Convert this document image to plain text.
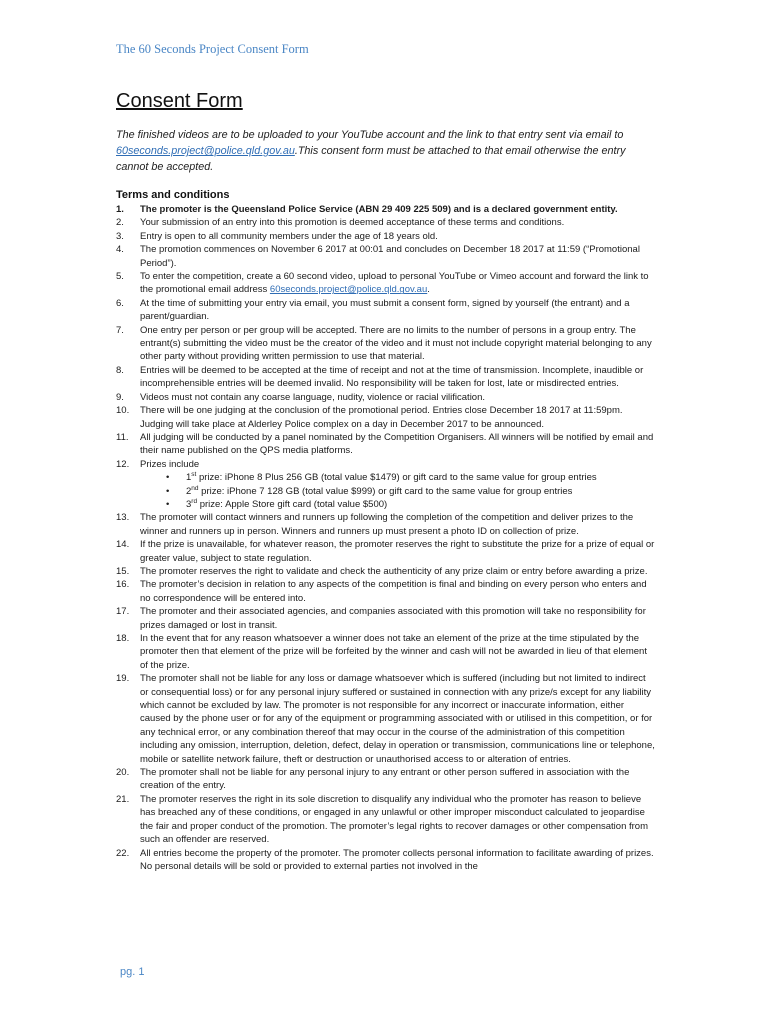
The 60 Seconds Project Consent Form
Consent Form
The finished videos are to be uploaded to your YouTube account and the link to that entry sent via email to 60seconds.project@police.qld.gov.au.This consent form must be attached to that email otherwise the entry cannot be accepted.
Terms and conditions
1.	The promoter is the Queensland Police Service (ABN 29 409 225 509) and is a declared government entity.
2.	Your submission of an entry into this promotion is deemed acceptance of these terms and conditions.
3.	Entry is open to all community members under the age of 18 years old.
4.	The promotion commences on November 6 2017 at 00:01 and concludes on December 18 2017 at 11:59 (“Promotional Period”).
5.	To enter the competition, create a 60 second video, upload to personal YouTube or Vimeo account and forward the link to the promotional email address 60seconds.project@police.qld.gov.au.
6.	At the time of submitting your entry via email, you must submit a consent form, signed by yourself (the entrant) and a parent/guardian.
7.	One entry per person or per group will be accepted. There are no limits to the number of persons in a group entry. The entrant(s) submitting the video must be the creator of the video and it must not include copyright material belonging to any other party without providing written permission to use that material.
8.	Entries will be deemed to be accepted at the time of receipt and not at the time of transmission. Incomplete, inaudible or incomprehensible entries will be deemed invalid. No responsibility will be taken for lost, late or misdirected entries.
9.	Videos must not contain any coarse language, nudity, violence or racial vilification.
10.	There will be one judging at the conclusion of the promotional period. Entries close December 18 2017 at 11:59pm. Judging will take place at Alderley Police complex on a day in December 2017 to be announced.
11.	All judging will be conducted by a panel nominated by the Competition Organisers. All winners will be notified by email and their name published on the QPS media platforms.
12.	Prizes include
• 1st prize: iPhone 8 Plus 256 GB (total value $1479) or gift card to the same value for group entries
• 2nd prize: iPhone 7 128 GB (total value $999) or gift card to the same value for group entries
• 3rd prize: Apple Store gift card (total value $500)
13.	The promoter will contact winners and runners up following the completion of the competition and deliver prizes to the winner and runners up in person. Winners and runners up must present a photo ID on collection of prize.
14.	If the prize is unavailable, for whatever reason, the promoter reserves the right to substitute the prize for a prize of equal or greater value, subject to state regulation.
15.	The promoter reserves the right to validate and check the authenticity of any prize claim or entry before awarding a prize.
16.	The promoter’s decision in relation to any aspects of the competition is final and binding on every person who enters and no correspondence will be entered into.
17.	The promoter and their associated agencies, and companies associated with this promotion will take no responsibility for prizes damaged or lost in transit.
18.	In the event that for any reason whatsoever a winner does not take an element of the prize at the time stipulated by the promoter then that element of the prize will be forfeited by the winner and cash will not be awarded in lieu of that element of the prize.
19.	The promoter shall not be liable for any loss or damage whatsoever which is suffered (including but not limited to indirect or consequential loss) or for any personal injury suffered or sustained in connection with any prize/s except for any liability which cannot be excluded by law. The promoter is not responsible for any incorrect or inaccurate information, either caused by the phone user or for any of the equipment or programming associated with or utilised in this competition, or for any technical error, or any combination thereof that may occur in the course of the administration of this competition including any omission, interruption, deletion, defect, delay in operation or transmission, communications line or telephone, mobile or satellite network failure, theft or destruction or unauthorised access to or alteration of entries.
20.	The promoter shall not be liable for any personal injury to any entrant or other person suffered in association with the creation of the entry.
21.	The promoter reserves the right in its sole discretion to disqualify any individual who the promoter has reason to believe has breached any of these conditions, or engaged in any unlawful or other improper misconduct calculated to jeopardise the fair and proper conduct of the promotion. The promoter’s legal rights to recover damages or other compensation from such an offender are reserved.
22.	All entries become the property of the promoter. The promoter collects personal information to facilitate awarding of prizes. No personal details will be sold or provided to external parties not involved in the
pg. 1
